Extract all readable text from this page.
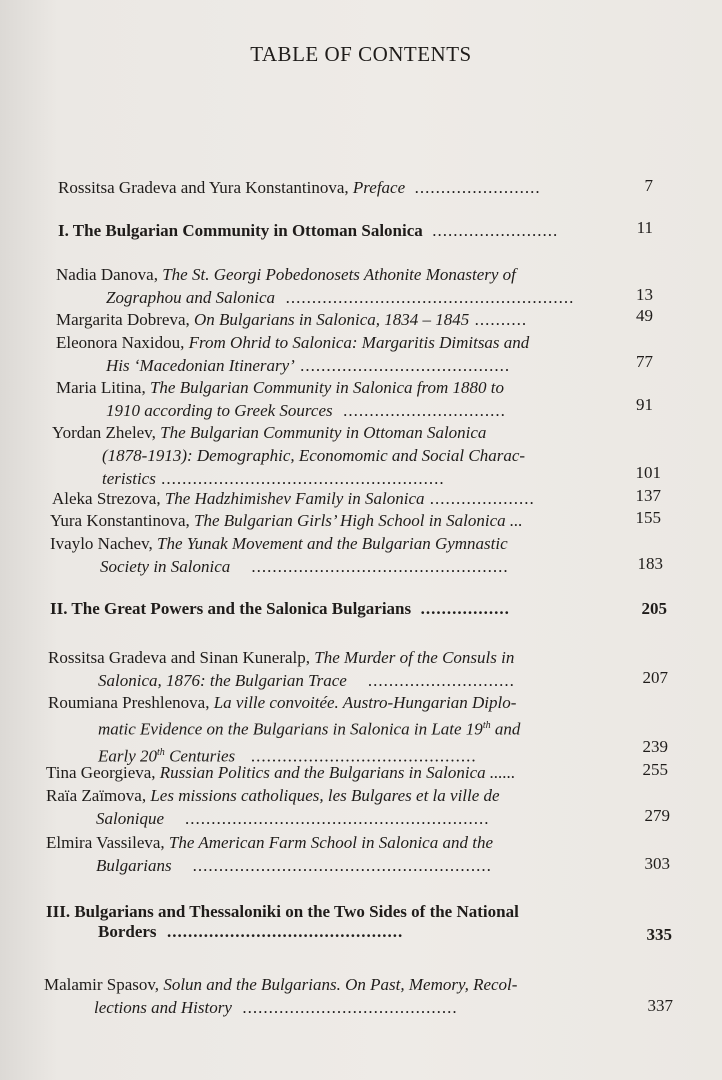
TABLE OF CONTENTS
Rossitsa Gradeva and Yura Konstantinova, Preface  ........................	7
I. The Bulgarian Community in Ottoman Salonica  ........................	11
Nadia Danova, The St. Georgi Pobedonosets Athonite Monastery of
Zographou and Salonica  .......................................................	13
Margarita Dobreva, On Bulgarians in Salonica, 1834 – 1845 ..........	49
Eleonora Naxidou, From Ohrid to Salonica: Margaritis Dimitsas and
His ‘Macedonian Itinerary’ ........................................	77
Maria Litina, The Bulgarian Community in Salonica from 1880 to
1910 according to Greek Sources  ...............................	91
Yordan Zhelev, The Bulgarian Community in Ottoman Salonica
(1878-1913): Demographic, Economomic and Social Charac-
teristics ......................................................	101
Aleka Strezova, The Hadzhimishev Family in Salonica ....................	137
Yura Konstantinova, The Bulgarian Girls’ High School in Salonica ...	155
Ivaylo Nachev, The Yunak Movement and the Bulgarian Gymnastic
Society in Salonica    .................................................	183
II. The Great Powers and the Salonica Bulgarians  .................	205
Rossitsa Gradeva and Sinan Kuneralp, The Murder of the Consuls in
Salonica, 1876: the Bulgarian Trace    ............................	207
Roumiana Preshlenova, La ville convoitée. Austro-Hungarian Diplo-
matic Evidence on the Bulgarians in Salonica in Late 19th and
Early 20th Centuries   ...........................................	239
Tina Georgieva, Russian Politics and the Bulgarians in Salonica ......	255
Raïa Zaïmova, Les missions catholiques, les Bulgares et la ville de
Salonique    ..........................................................	279
Elmira Vassileva, The American Farm School in Salonica and the
Bulgarians    .........................................................	303
III. Bulgarians and Thessaloniki on the Two Sides of the National
Borders  .............................................	335
Malamir Spasov, Solun and the Bulgarians. On Past, Memory, Recol-
lections and History  .........................................	337
